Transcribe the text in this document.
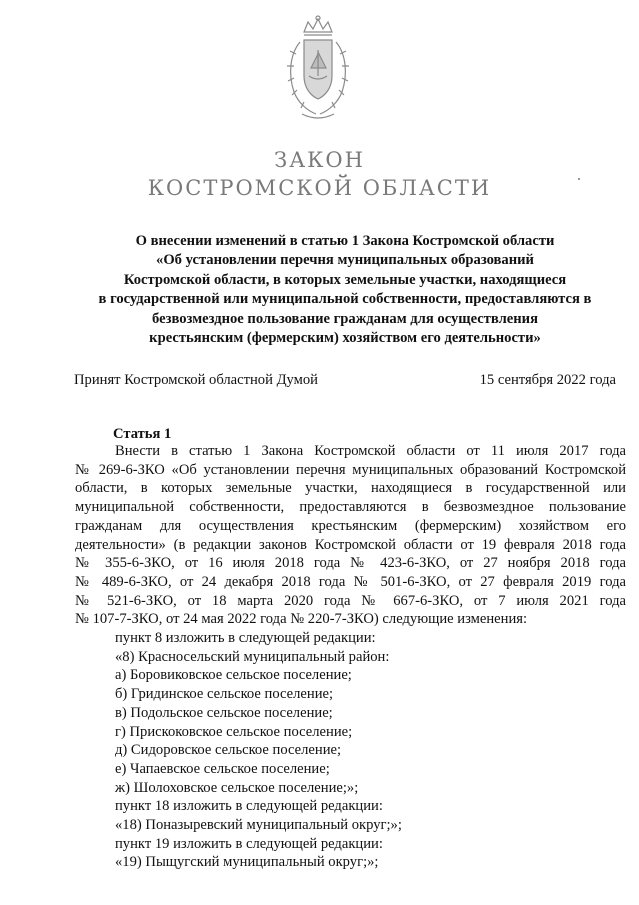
ЗАКОН
КОСТРОМСКОЙ ОБЛАСТИ
О внесении изменений в статью 1 Закона Костромской области
«Об установлении перечня муниципальных образований
Костромской области, в которых земельные участки, находящиеся
в государственной или муниципальной собственности, предоставляются в
безвозмездное пользование гражданам для осуществления
крестьянским (фермерским) хозяйством его деятельности»
Принят Костромской областной Думой	15 сентября 2022 года
Статья 1
Внести в статью 1 Закона Костромской области от 11 июля 2017 года
№ 269-6-ЗКО «Об установлении перечня муниципальных образований Костромской
области, в которых земельные участки, находящиеся в государственной или
муниципальной собственности, предоставляются в безвозмездное пользование
гражданам для осуществления крестьянским (фермерским) хозяйством его
деятельности» (в редакции законов Костромской области от 19 февраля 2018 года
№ 355-6-ЗКО, от 16 июля 2018 года № 423-6-ЗКО, от 27 ноября 2018 года
№ 489-6-ЗКО, от 24 декабря 2018 года № 501-6-ЗКО, от 27 февраля 2019 года
№ 521-6-ЗКО, от 18 марта 2020 года № 667-6-ЗКО, от 7 июля 2021 года
№ 107-7-ЗКО, от 24 мая 2022 года № 220-7-ЗКО) следующие изменения:
пункт 8 изложить в следующей редакции:
«8) Красносельский муниципальный район:
а) Боровиковское сельское поселение;
б) Гридинское сельское поселение;
в) Подольское сельское поселение;
г) Прискоковское сельское поселение;
д) Сидоровское сельское поселение;
е) Чапаевское сельское поселение;
ж) Шолоховское сельское поселение;»;
пункт 18 изложить в следующей редакции:
«18) Поназыревский муниципальный округ;»;
пункт 19 изложить в следующей редакции:
«19) Пыщугский муниципальный округ;»;
